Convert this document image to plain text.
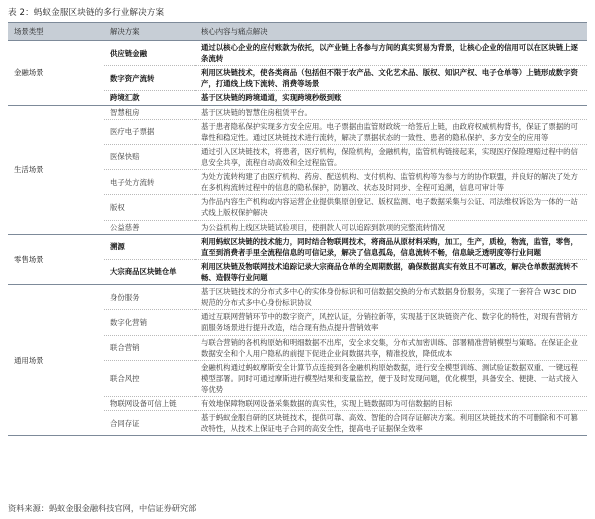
表 2：蚂蚁金服区块链的多行业解决方案
场景类型	解决方案	核心内容与痛点解决
金融场景	供应链金融	通过以核心企业的应付账款为依托，以产业链上各参与方间的真实贸易为背景，让核心企业的信用可以在区块链上逐条流转
	数字资产流转	利用区块链技术，使各类商品（包括但不限于农产品、文化艺术品、版权、知识产权、电子仓单等）上链形成数字资产，打通线上线下流转、消费等场景
	跨境汇款	基于区块链的跨境通道，实现跨境秒级到账
生活场景	智慧租房	基于区块链的智慧住房租赁平台。
	医疗电子票据	基于患者隐私保护实现多方安全应用。电子票据由监管财政统一给签后上链，由政府权威机构背书，保证了票据的可靠性和稳定性。通过区块链技术进行流转，解决了票据状态的一致性、患者的隐私保护、多方安全的应用等
	医保快赔	通过引入区块链技术，将患者，医疗机构，保险机构，金融机构，监管机构链接起来，实现医疗保险理赔过程中的信息安全共享，流程自动高效和全过程监管。
	电子处方流转	为处方流转构建了由医疗机构、药房、配送机构、支付机构、监管机构等为参与方的协作联盟，并良好的解决了处方在多机构流转过程中的信息的隐私保护，防篡改、状态及时同步、全程可追溯，信息可审计等
	版权	为作品内容生产机构或内容运营企业提供集原创登记、版权监测、电子数据采集与公证、司法维权诉讼为一体的一站式线上版权保护解决
	公益慈善	为公益机构上线区块链试验项目，使捐款人可以追踪到款项的完整流转情况
零售场景	溯源	利用蚂蚁区块链的技术能力，同时结合物联网技术，将商品从原材料采购，加工，生产，质检，物流，监管，零售，直至到消费者手里全流程信息的可信记录，解决了信息孤岛，信息流转不畅，信息缺乏透明度等行业问题
	大宗商品区块链仓单	利用区块链及物联网技术追踪记录大宗商品仓单的全周期数据，确保数据真实有效且不可篡改，解决仓单数据流转不畅、造假等行业问题
通用场景	身份服务	基于区块链技术的分布式多中心的实体身份标识和可信数据交换的分布式数据身份服务，实现了一套符合 W3C DID 规范的分布式多中心身份标识协议
	数字化营销	通过互联网营销环节中的数字资产，风控认证，分销拉新等，实现基于区块链资产化、数字化的特性，对现有营销方面服务场景进行提升改造，结合现有热点提升营销效率
	联合营销	与联合营销的各机构原始和明细数据不出库，安全求交集，分布式加密训练、部署精准营销模型与策略。在保证企业数据安全和个人用户隐私的前提下促进企业间数据共享，精准投放，降低成本
	联合风控	金融机构通过蚂蚁摩斯安全计算节点连接到各金融机构原始数据，进行安全模型训练、测试验证数据双重、一键远程模型部署。同时可通过摩斯进行模型结果和变量监控，便于及时发现问题，优化模型，具备安全、便捷、一站式接入等优势
	物联网设备可信上链	有效地保障物联网设备采集数据的真实性，实现上链数据即为可信数据的目标
	合同存证	基于蚂蚁金服自研的区块链技术，提供可靠、高效、智能的合同存证解决方案。利用区块链技术的不可删除和不可篡改特性，从技术上保证电子合同的高安全性，提高电子证据保全效率
资料来源：蚂蚁金服金融科技官网，中信证券研究部
